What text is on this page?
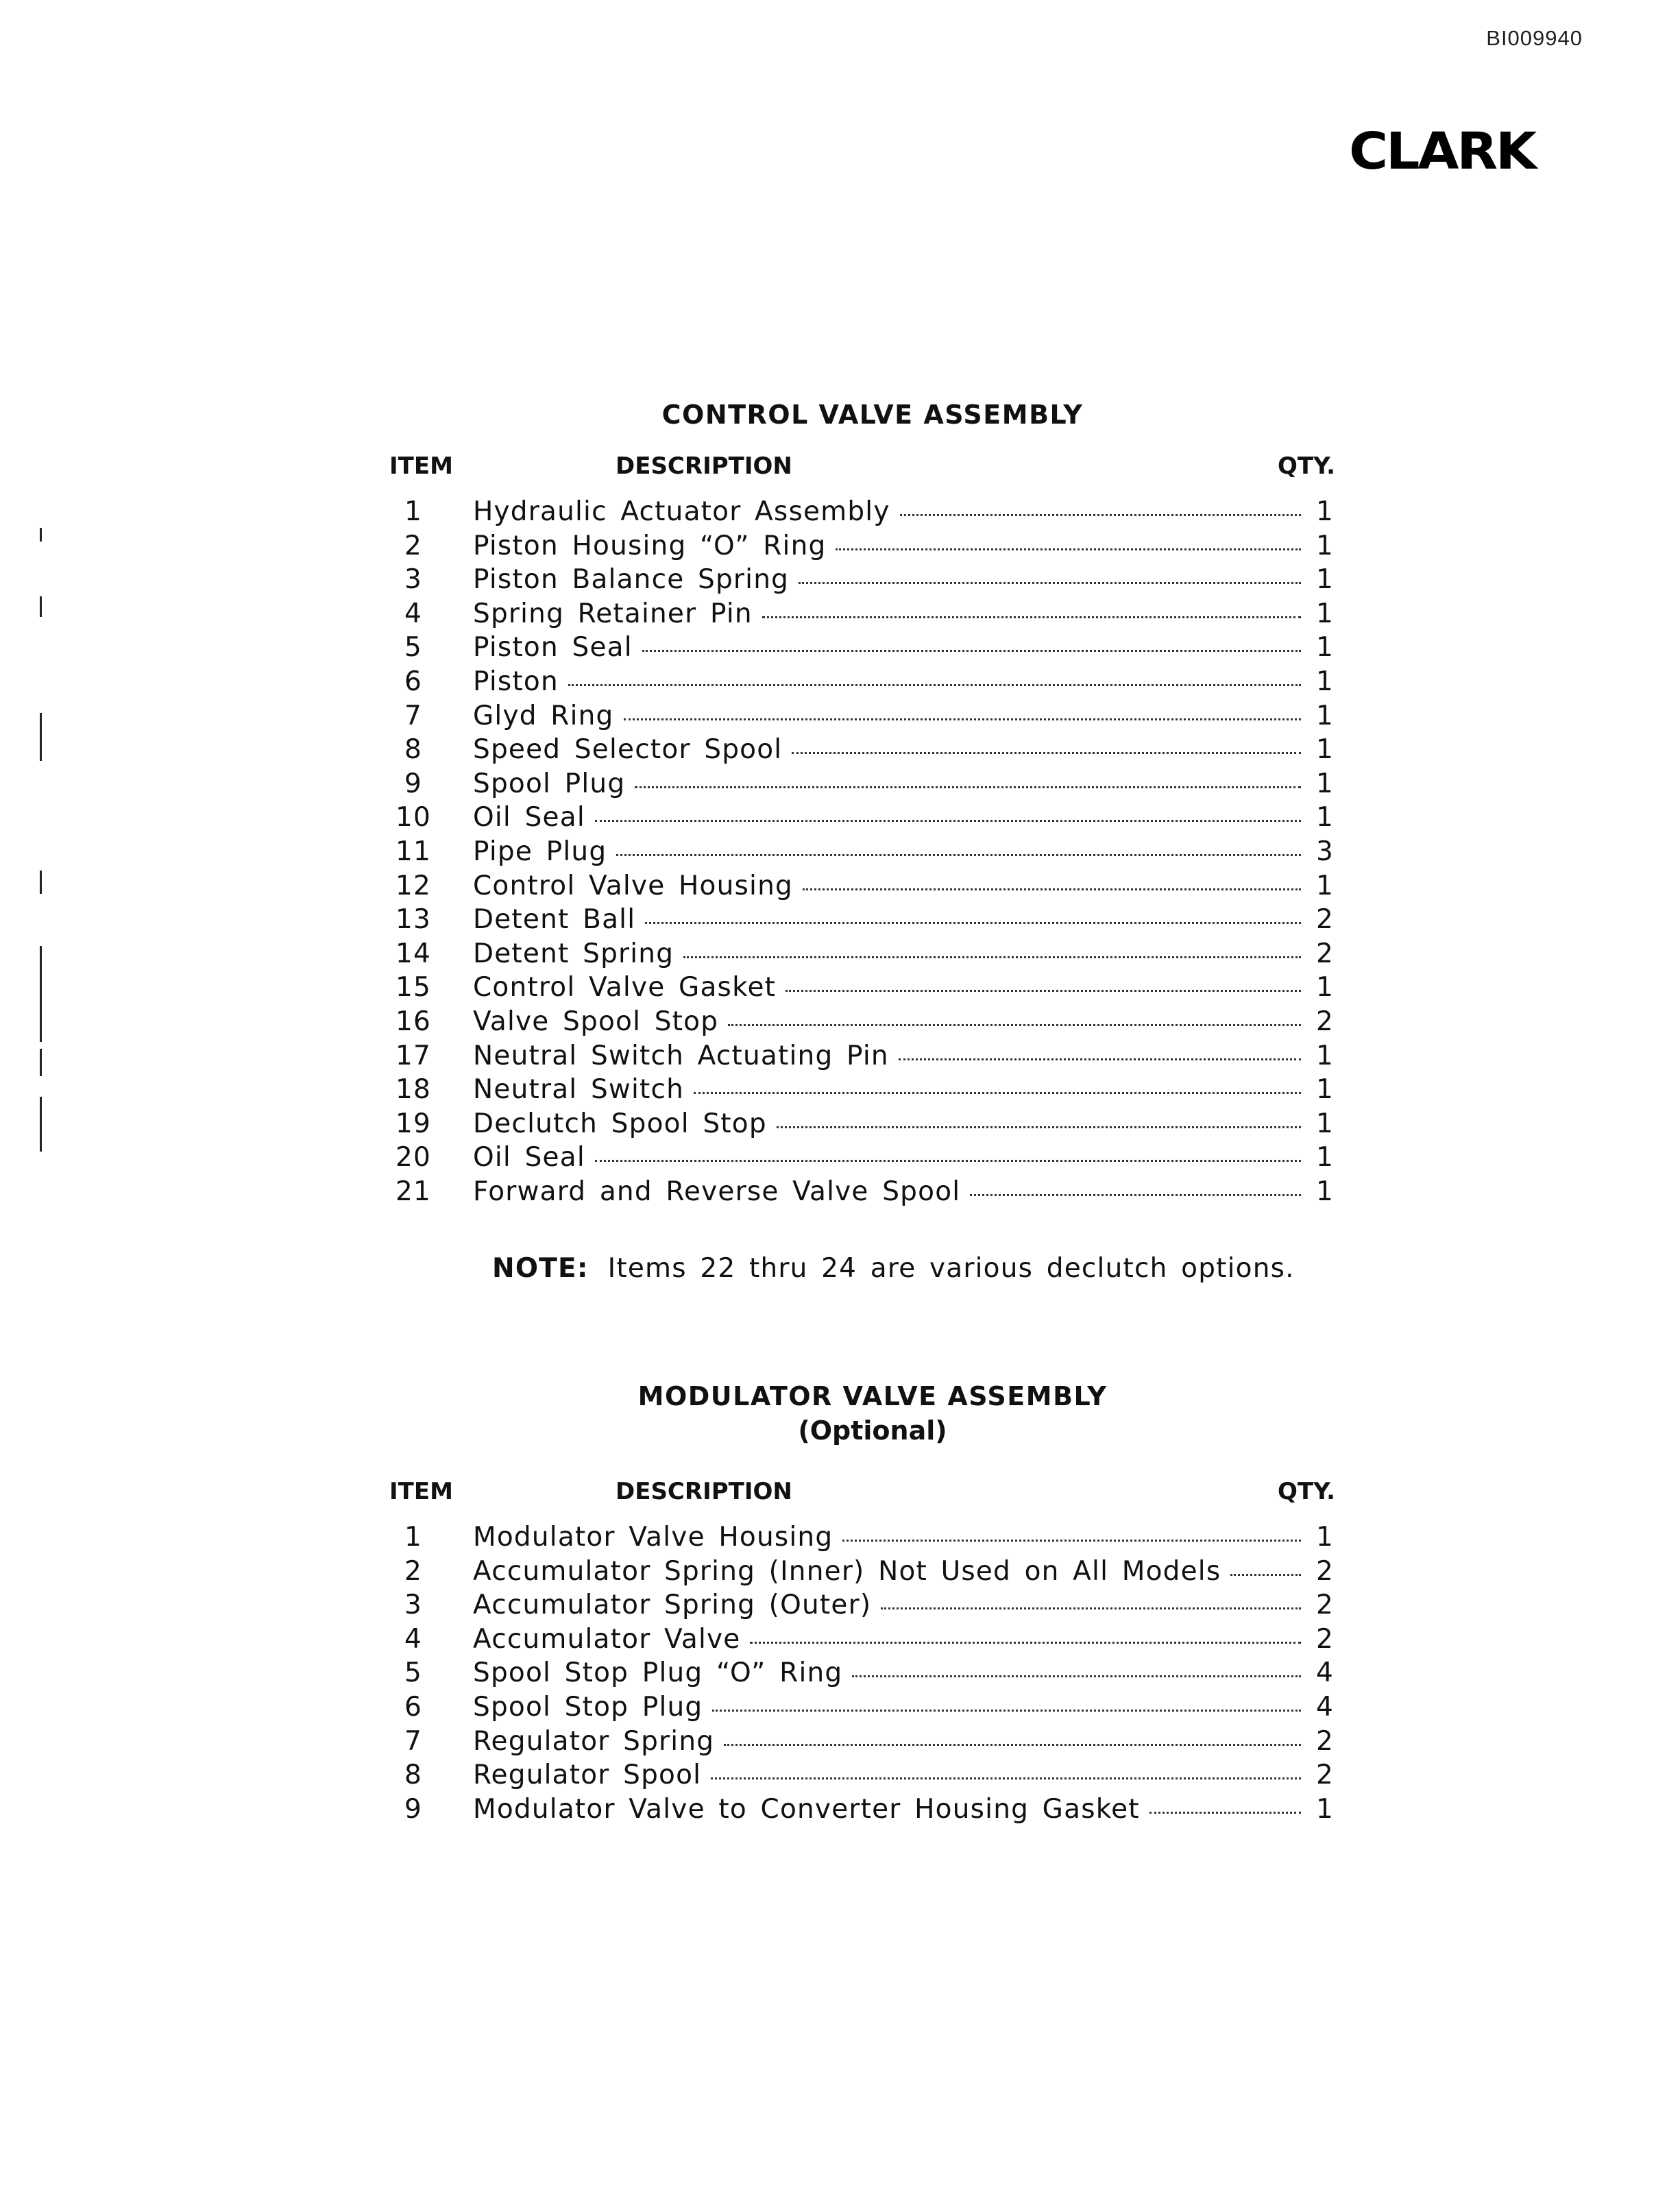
BI009940
CLARK
CONTROL VALVE ASSEMBLY
ITEM	DESCRIPTION	QTY.
1	Hydraulic Actuator Assembly	1
2	Piston Housing “O” Ring	1
3	Piston Balance Spring	1
4	Spring Retainer Pin	1
5	Piston Seal	1
6	Piston	1
7	Glyd Ring	1
8	Speed Selector Spool	1
9	Spool Plug	1
10 Oil Seal	1
11 Pipe Plug	3
12 Control Valve Housing	1
13 Detent Ball	2
14 Detent Spring	2
15 Control Valve Gasket	1
16 Valve Spool Stop	2
17 Neutral Switch Actuating Pin	1
18 Neutral Switch	1
19 Declutch Spool Stop	1
20 Oil Seal	1
21 Forward and Reverse Valve Spool	1
NOTE: Items 22 thru 24 are various declutch options.
MODULATOR VALVE ASSEMBLY
(Optional)
ITEM	DESCRIPTION	QTY.
1	Modulator Valve Housing	1
2	Accumulator Spring (Inner) Not Used on All Models	2
3	Accumulator Spring (Outer)	2
4	Accumulator Valve	2
5	Spool Stop Plug “O” Ring	4
6	Spool Stop Plug	4
7	Regulator Spring	2
8	Regulator Spool	2
9	Modulator Valve to Converter Housing Gasket	1
